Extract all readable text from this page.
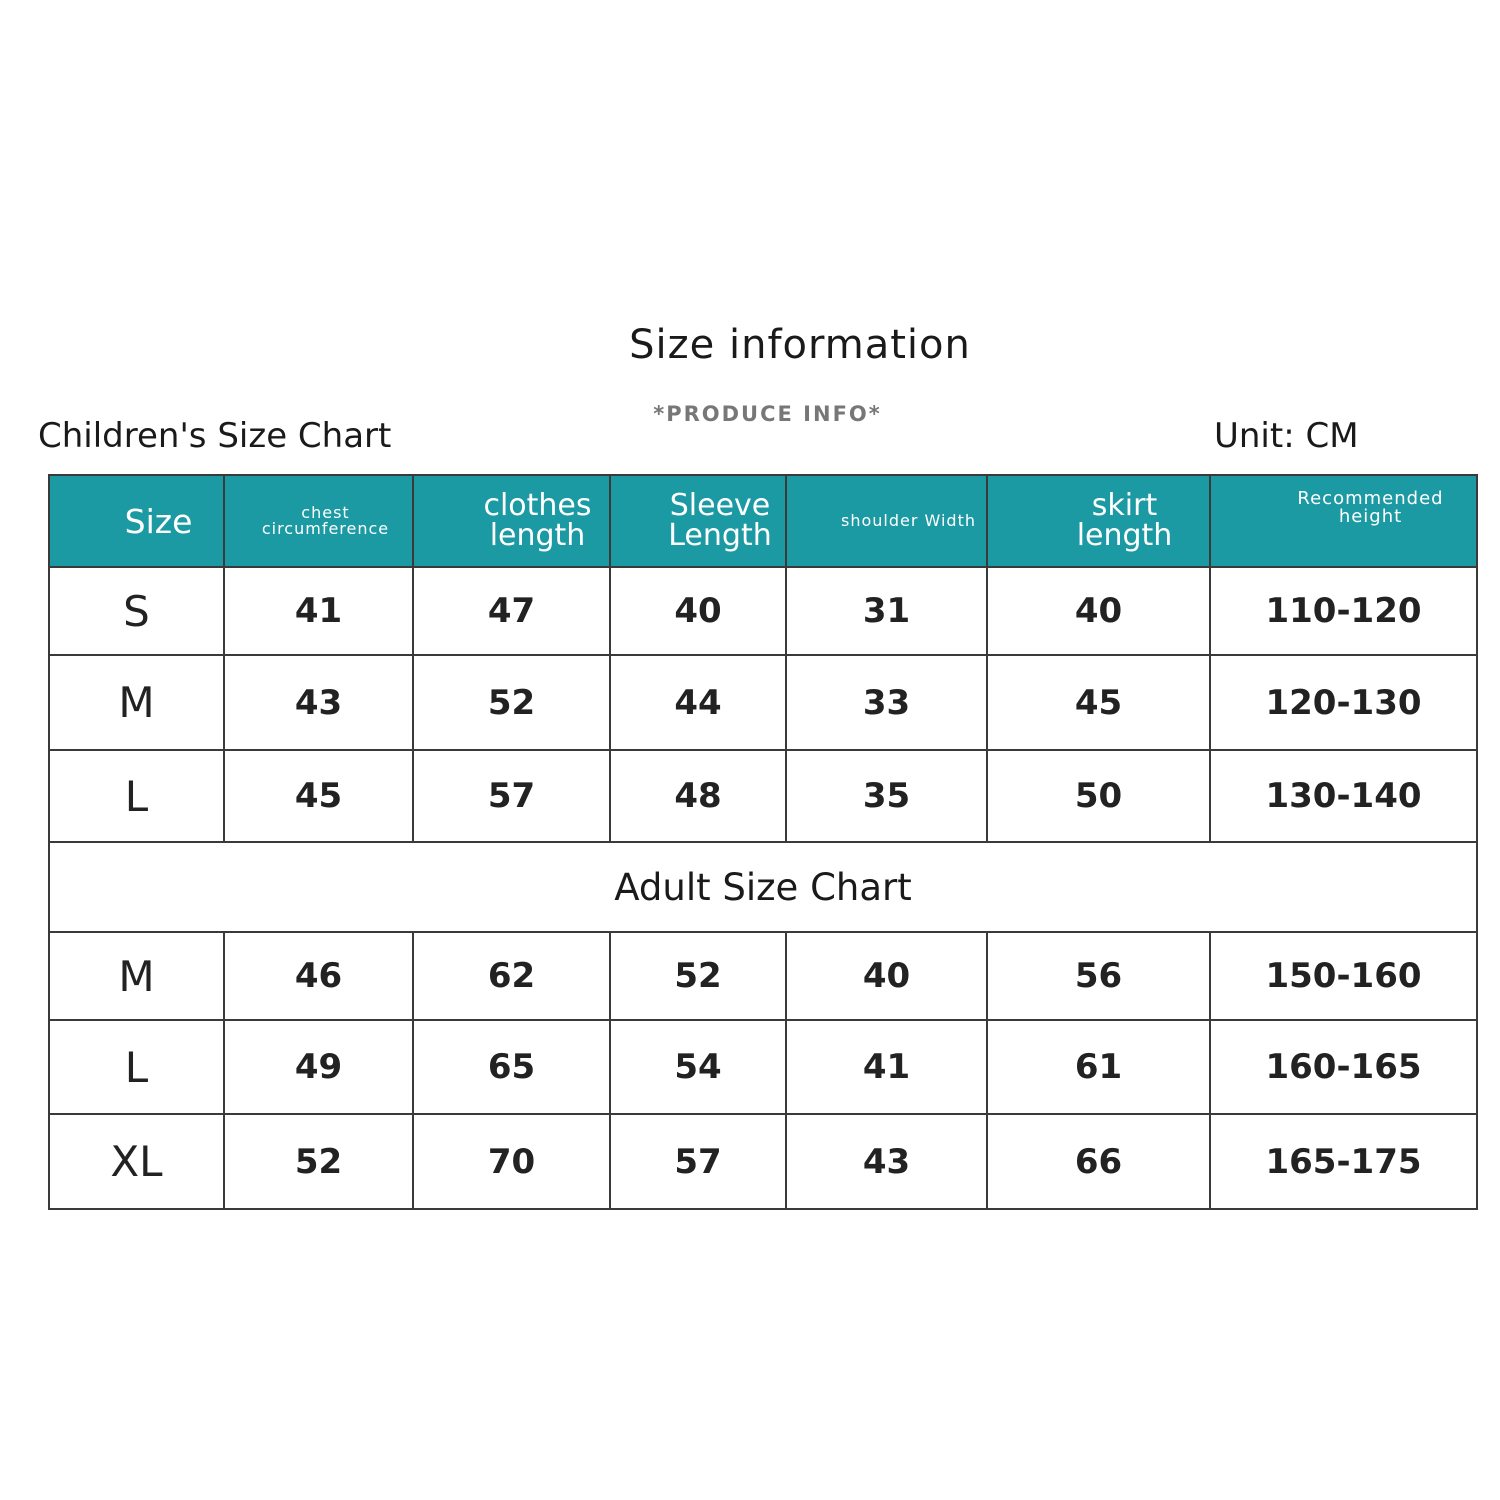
Size information
*PRODUCE INFO*
Children's Size Chart	Unit: CM
Size	chest circumference	clothes length	Sleeve Length	shoulder Width	skirt length	Recommended height
S	41	47	40	31	40	110-120
M	43	52	44	33	45	120-130
L	45	57	48	35	50	130-140
Adult Size Chart						
M	46	62	52	40	56	150-160
L	49	65	54	41	61	160-165
XL	52	70	57	43	66	165-175
